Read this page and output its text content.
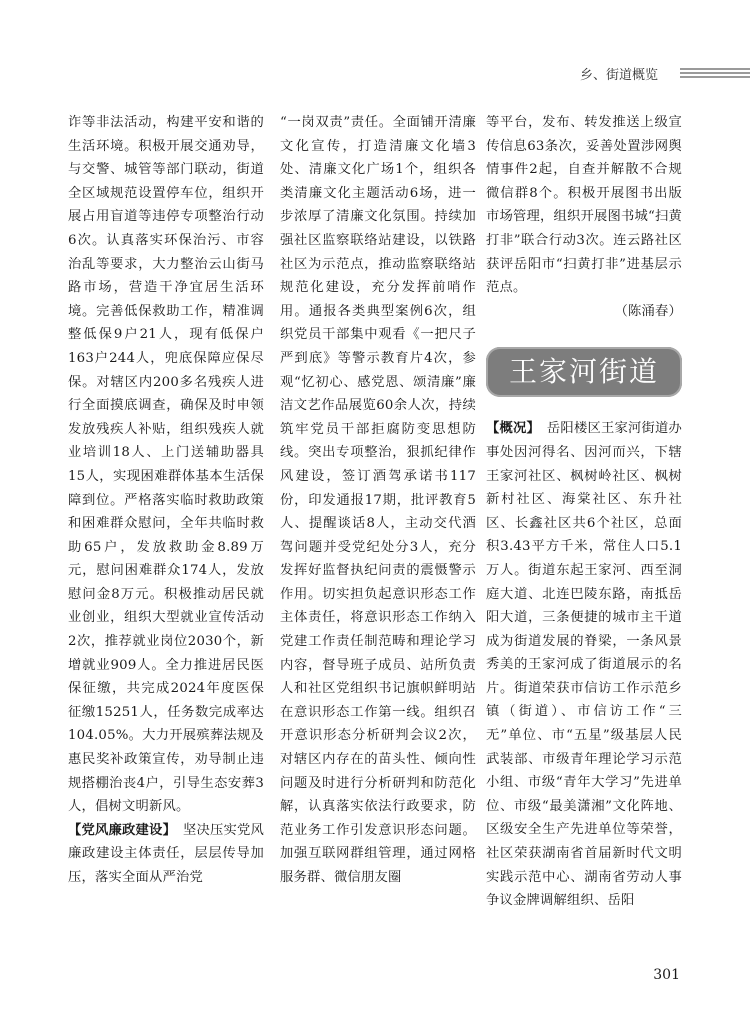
乡、街道概览

诈等非法活动，构建平安和谐的生活环境。积极开展交通劝导，与交警、城管等部门联动，街道全区域规范设置停车位，组织开展占用盲道等违停专项整治行动6次。认真落实环保治污、市容治乱等要求，大力整治云山街马路市场，营造干净宜居生活环境。完善低保救助工作，精准调整低保9户21人，现有低保户163户244人，兜底保障应保尽保。对辖区内200多名残疾人进行全面摸底调查，确保及时申领发放残疾人补贴，组织残疾人就业培训18人、上门送辅助器具15人，实现困难群体基本生活保障到位。严格落实临时救助政策和困难群众慰问，全年共临时救助65户，发放救助金8.89万元，慰问困难群众174人，发放慰问金8万元。积极推动居民就业创业，组织大型就业宣传活动2次，推荐就业岗位2030个，新增就业909人。全力推进居民医保征缴，共完成2024年度医保征缴15251人，任务数完成率达104.05%。大力开展殡葬法规及惠民奖补政策宣传，劝导制止违规搭棚治丧4户，引导生态安葬3人，倡树文明新风。

【党风廉政建设】　 坚决压实党风廉政建设主体责任，层层传导加压，落实全面从严治党

“一岗双责”责任。全面铺开清廉文化宣传，打造清廉文化墙3处、清廉文化广场1个，组织各类清廉文化主题活动6场，进一步浓厚了清廉文化氛围。持续加强社区监察联络站建设，以铁路社区为示范点，推动监察联络站规范化建设，充分发挥前哨作用。通报各类典型案例6次，组织党员干部集中观看《一把尺子严到底》等警示教育片4次，参观“忆初心、感党恩、颂清廉”廉洁文艺作品展览60余人次，持续筑牢党员干部拒腐防变思想防线。突出专项整治，狠抓纪律作风建设，签订酒驾承诺书117份，印发通报17期，批评教育5人、提醒谈话8人，主动交代酒驾问题并受党纪处分3人，充分发挥好监督执纪问责的震慑警示作用。切实担负起意识形态工作主体责任，将意识形态工作纳入党建工作责任制范畴和理论学习内容，督导班子成员、站所负责人和社区党组织书记旗帜鲜明站在意识形态工作第一线。组织召开意识形态分析研判会议2次，对辖区内存在的苗头性、倾向性问题及时进行分析研判和防范化解，认真落实依法行政要求，防范业务工作引发意识形态问题。加强互联网群组管理，通过网格服务群、微信朋友圈

等平台，发布、转发推送上级宣传信息63条次，妥善处置涉网舆情事件2起，自查并解散不合规微信群8个。积极开展图书出版市场管理，组织开展图书城“扫黄打非”联合行动3次。连云路社区获评岳阳市“扫黄打非”进基层示范点。

（陈涌春）

王家河街道

【概况】　 岳阳楼区王家河街道办事处因河得名、因河而兴，下辖王家河社区、枫树岭社区、枫树新村社区、海棠社区、东升社区、长鑫社区共6个社区，总面积3.43平方千米，常住人口5.1万人。街道东起王家河、西至洞庭大道、北连巴陵东路，南抵岳阳大道，三条便捷的城市主干道成为街道发展的脊梁，一条风景秀美的王家河成了街道展示的名片。街道荣获市信访工作示范乡镇（街道）、市信访工作“三无”单位、市“五星”级基层人民武装部、市级青年理论学习示范小组、市级“青年大学习”先进单位、市级“最美潇湘”文化阵地、区级安全生产先进单位等荣誉，社区荣获湖南省首届新时代文明实践示范中心、湖南省劳动人事争议金牌调解组织、岳阳

301
